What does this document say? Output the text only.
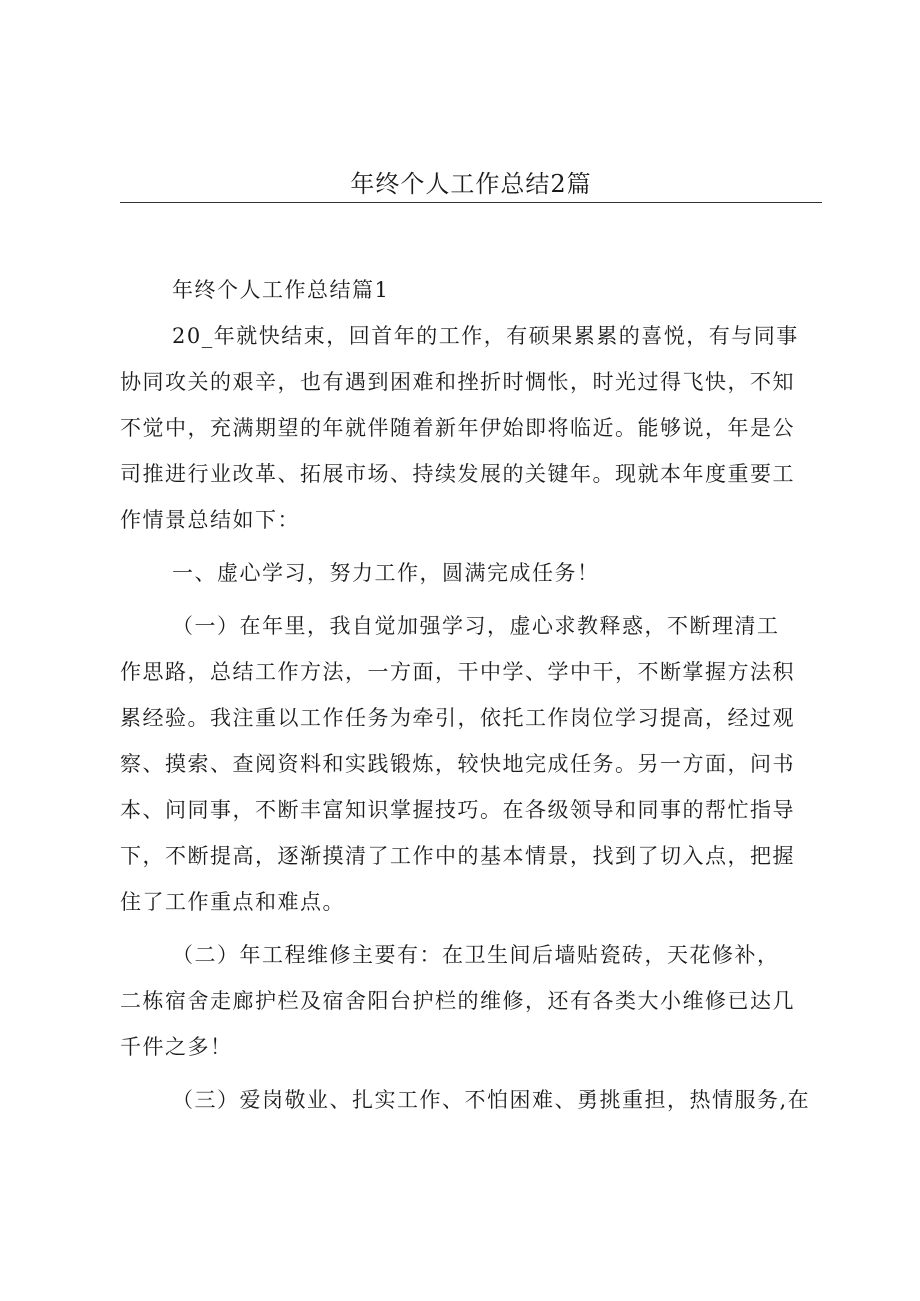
年终个人工作总结2篇

年终个人工作总结篇1

20_年就快结束，回首年的工作，有硕果累累的喜悦，有与同事

协同攻关的艰辛，也有遇到困难和挫折时惆怅，时光过得飞快，不知

不觉中，充满期望的年就伴随着新年伊始即将临近。能够说，年是公

司推进行业改革、拓展市场、持续发展的关键年。现就本年度重要工

作情景总结如下：

一、虚心学习，努力工作，圆满完成任务！

（一）在年里，我自觉加强学习，虚心求教释惑，不断理清工

作思路，总结工作方法，一方面，干中学、学中干，不断掌握方法积

累经验。我注重以工作任务为牵引，依托工作岗位学习提高，经过观

察、摸索、查阅资料和实践锻炼，较快地完成任务。另一方面，问书

本、问同事，不断丰富知识掌握技巧。在各级领导和同事的帮忙指导

下，不断提高，逐渐摸清了工作中的基本情景，找到了切入点，把握

住了工作重点和难点。

（二）年工程维修主要有：在卫生间后墙贴瓷砖，天花修补，

二栋宿舍走廊护栏及宿舍阳台护栏的维修，还有各类大小维修已达几

千件之多！

（三）爱岗敬业、扎实工作、不怕困难、勇挑重担，热情服务,在
